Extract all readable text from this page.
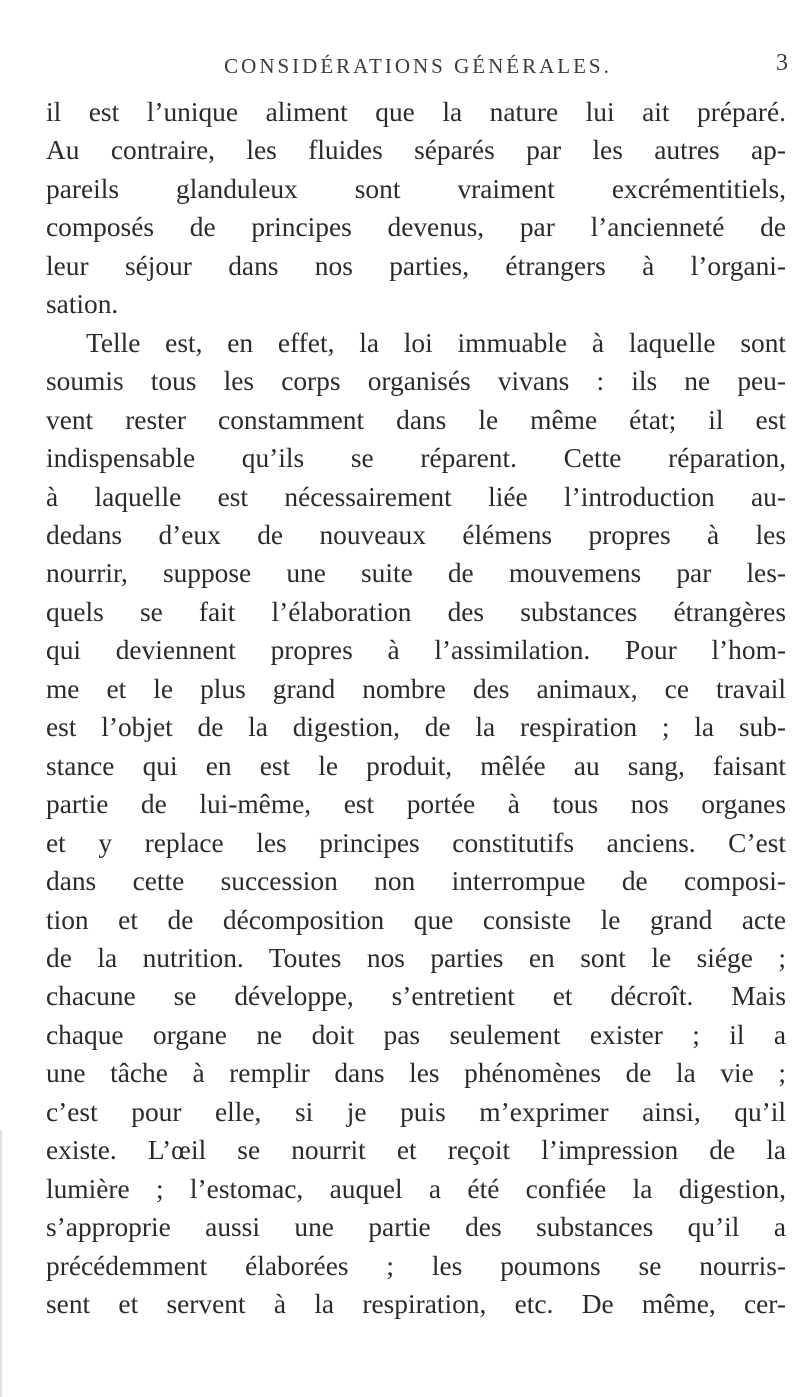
CONSIDÉRATIONS GÉNÉRALES.	3
il est l’unique aliment que la nature lui ait préparé.
Au contraire, les fluides séparés par les autres ap-
pareils glanduleux sont vraiment excrémentitiels,
composés de principes devenus, par l’ancienneté de
leur séjour dans nos parties, étrangers à l’organi-
sation.
Telle est, en effet, la loi immuable à laquelle sont
soumis tous les corps organisés vivans : ils ne peu-
vent rester constamment dans le même état; il est
indispensable qu’ils se réparent. Cette réparation,
à laquelle est nécessairement liée l’introduction au-
dedans d’eux de nouveaux élémens propres à les
nourrir, suppose une suite de mouvemens par les-
quels se fait l’élaboration des substances étrangères
qui deviennent propres à l’assimilation. Pour l’hom-
me et le plus grand nombre des animaux, ce travail
est l’objet de la digestion, de la respiration ; la sub-
stance qui en est le produit, mêlée au sang, faisant
partie de lui-même, est portée à tous nos organes
et y replace les principes constitutifs anciens. C’est
dans cette succession non interrompue de composi-
tion et de décomposition que consiste le grand acte
de la nutrition. Toutes nos parties en sont le siége ;
chacune se développe, s’entretient et décroît. Mais
chaque organe ne doit pas seulement exister ; il a
une tâche à remplir dans les phénomènes de la vie ;
c’est pour elle, si je puis m’exprimer ainsi, qu’il
existe. L’œil se nourrit et reçoit l’impression de la
lumière ; l’estomac, auquel a été confiée la digestion,
s’approprie aussi une partie des substances qu’il a
précédemment élaborées ; les poumons se nourris-
sent et servent à la respiration, etc. De même, cer-
